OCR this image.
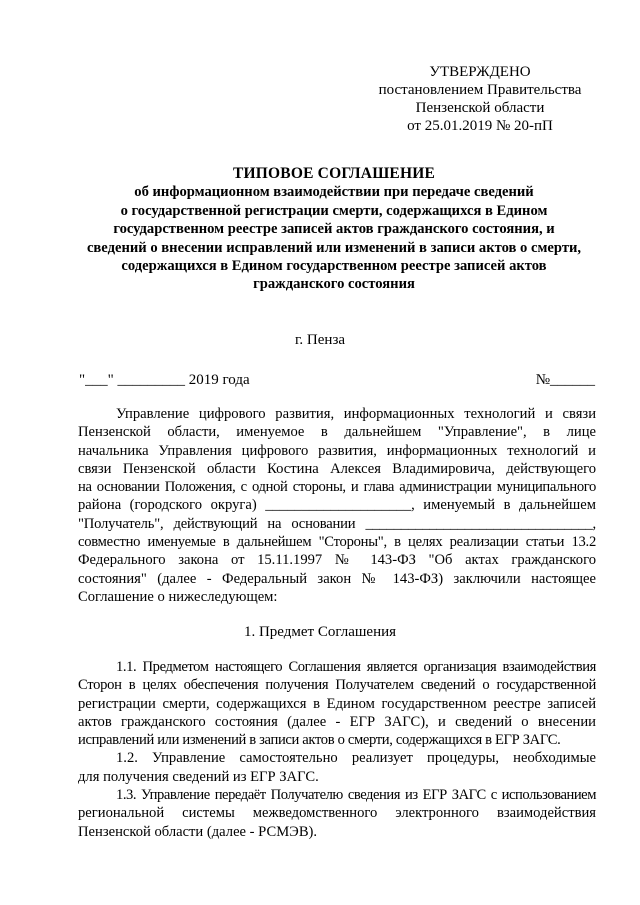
УТВЕРЖДЕНО
постановлением Правительства
Пензенской области
от 25.01.2019 № 20-пП
ТИПОВОЕ СОГЛАШЕНИЕ
об информационном взаимодействии при передаче сведений
о государственной регистрации смерти, содержащихся в Едином
государственном реестре записей актов гражданского состояния, и
сведений о внесении исправлений или изменений в записи актов о смерти,
содержащихся в Едином государственном реестре записей актов
гражданского состояния
г. Пенза
"___" _________ 2019 года	№______
Управление цифрового развития, информационных технологий и связи
Пензенской области, именуемое в дальнейшем "Управление", в лице
начальника Управления цифрового развития, информационных технологий и
связи Пензенской области Костина Алексея Владимировича, действующего
на основании Положения, с одной стороны, и глава администрации муниципального
района (городского округа) ____________________, именуемый в дальнейшем
"Получатель", действующий на основании ________________________________,
совместно именуемые в дальнейшем "Стороны", в целях реализации статьи 13.2
Федерального закона от 15.11.1997 № 143-ФЗ "Об актах гражданского
состояния" (далее - Федеральный закон № 143-ФЗ) заключили настоящее
Соглашение о нижеследующем:
1. Предмет Соглашения
1.1. Предметом настоящего Соглашения является организация взаимодействия
Сторон в целях обеспечения получения Получателем сведений о государственной
регистрации смерти, содержащихся в Едином государственном реестре записей
актов гражданского состояния (далее - ЕГР ЗАГС), и сведений о внесении
исправлений или изменений в записи актов о смерти, содержащихся в ЕГР ЗАГС.
1.2. Управление самостоятельно реализует процедуры, необходимые
для получения сведений из ЕГР ЗАГС.
1.3. Управление передаёт Получателю сведения из ЕГР ЗАГС с использованием
региональной системы межведомственного электронного взаимодействия
Пензенской области (далее - РСМЭВ).
